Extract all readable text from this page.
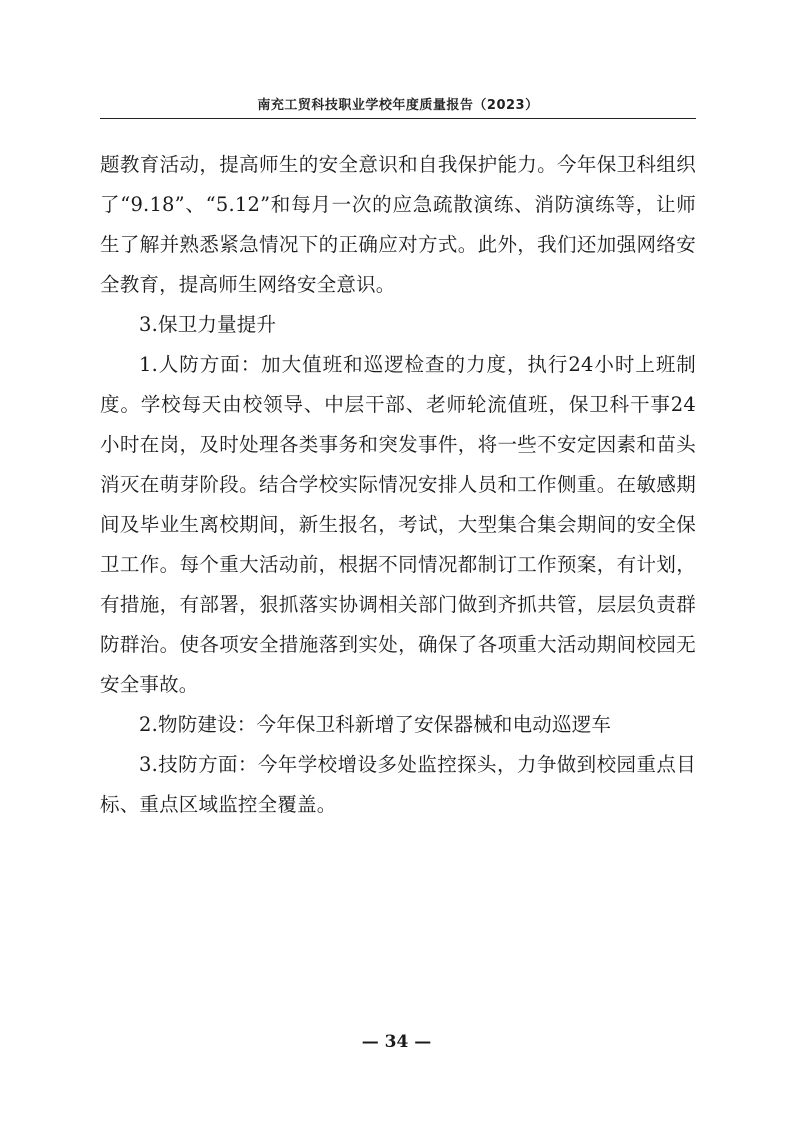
南充工贸科技职业学校年度质量报告（2023）

题教育活动，提高师生的安全意识和自我保护能力。今年保卫科组织了“9.18”、“5.12”和每月一次的应急疏散演练、消防演练等，让师生了解并熟悉紧急情况下的正确应对方式。此外，我们还加强网络安全教育，提高师生网络安全意识。

3.保卫力量提升

1.人防方面：加大值班和巡逻检查的力度，执行24小时上班制度。学校每天由校领导、中层干部、老师轮流值班，保卫科干事24小时在岗，及时处理各类事务和突发事件，将一些不安定因素和苗头消灭在萌芽阶段。结合学校实际情况安排人员和工作侧重。在敏感期间及毕业生离校期间，新生报名，考试，大型集合集会期间的安全保卫工作。每个重大活动前，根据不同情况都制订工作预案，有计划，有措施，有部署，狠抓落实协调相关部门做到齐抓共管，层层负责群防群治。使各项安全措施落到实处，确保了各项重大活动期间校园无安全事故。

2.物防建设：今年保卫科新增了安保器械和电动巡逻车

3.技防方面：今年学校增设多处监控探头，力争做到校园重点目标、重点区域监控全覆盖。

— 34 —
